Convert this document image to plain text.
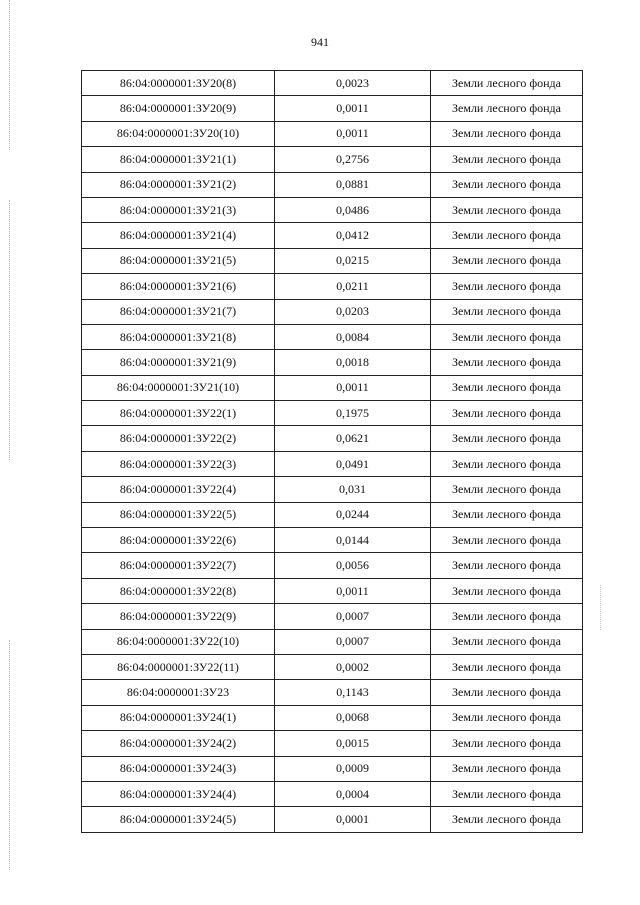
941
86:04:0000001:ЗУ20(8)	0,0023	Земли лесного фонда
86:04:0000001:ЗУ20(9)	0,0011	Земли лесного фонда
86:04:0000001:ЗУ20(10)	0,0011	Земли лесного фонда
86:04:0000001:ЗУ21(1)	0,2756	Земли лесного фонда
86:04:0000001:ЗУ21(2)	0,0881	Земли лесного фонда
86:04:0000001:ЗУ21(3)	0,0486	Земли лесного фонда
86:04:0000001:ЗУ21(4)	0,0412	Земли лесного фонда
86:04:0000001:ЗУ21(5)	0,0215	Земли лесного фонда
86:04:0000001:ЗУ21(6)	0,0211	Земли лесного фонда
86:04:0000001:ЗУ21(7)	0,0203	Земли лесного фонда
86:04:0000001:ЗУ21(8)	0,0084	Земли лесного фонда
86:04:0000001:ЗУ21(9)	0,0018	Земли лесного фонда
86:04:0000001:ЗУ21(10)	0,0011	Земли лесного фонда
86:04:0000001:ЗУ22(1)	0,1975	Земли лесного фонда
86:04:0000001:ЗУ22(2)	0,0621	Земли лесного фонда
86:04:0000001:ЗУ22(3)	0,0491	Земли лесного фонда
86:04:0000001:ЗУ22(4)	0,031	Земли лесного фонда
86:04:0000001:ЗУ22(5)	0,0244	Земли лесного фонда
86:04:0000001:ЗУ22(6)	0,0144	Земли лесного фонда
86:04:0000001:ЗУ22(7)	0,0056	Земли лесного фонда
86:04:0000001:ЗУ22(8)	0,0011	Земли лесного фонда
86:04:0000001:ЗУ22(9)	0,0007	Земли лесного фонда
86:04:0000001:ЗУ22(10)	0,0007	Земли лесного фонда
86:04:0000001:ЗУ22(11)	0,0002	Земли лесного фонда
86:04:0000001:ЗУ23	0,1143	Земли лесного фонда
86:04:0000001:ЗУ24(1)	0,0068	Земли лесного фонда
86:04:0000001:ЗУ24(2)	0,0015	Земли лесного фонда
86:04:0000001:ЗУ24(3)	0,0009	Земли лесного фонда
86:04:0000001:ЗУ24(4)	0,0004	Земли лесного фонда
86:04:0000001:ЗУ24(5)	0,0001	Земли лесного фонда
